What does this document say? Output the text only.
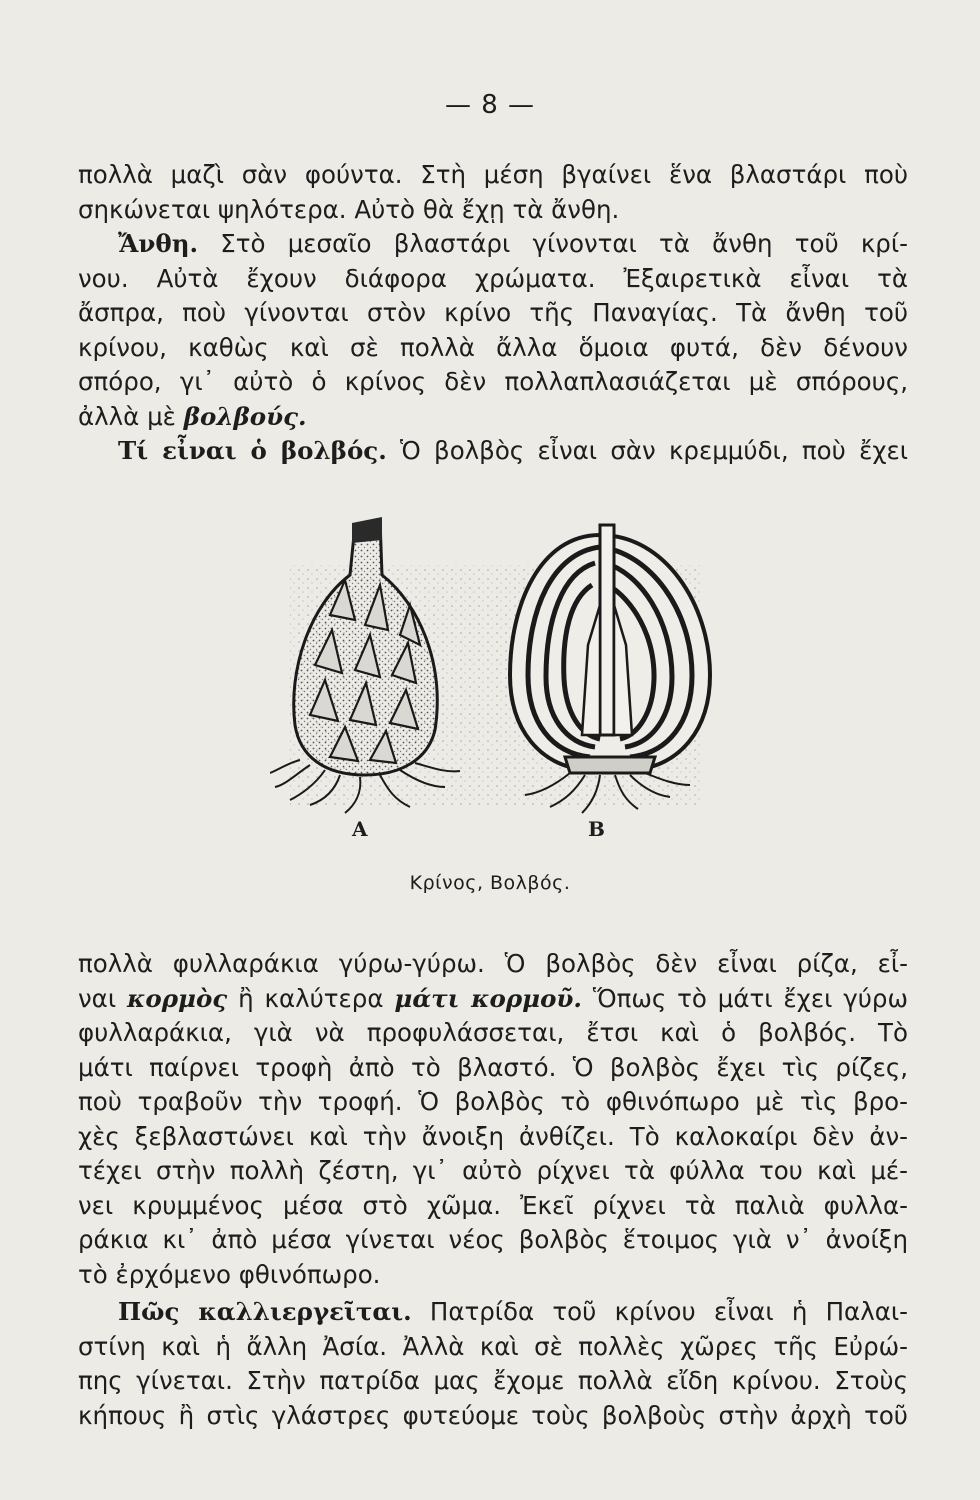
— 8 —
πολλὰ μαζὶ σὰν φούντα. Στὴ μέση βγαίνει ἕνα βλαστάρι ποὺ
σηκώνεται ψηλότερα. Αὐτὸ θὰ ἔχῃ τὰ ἄνθη.
Ἄνθη. Στὸ μεσαῖο βλαστάρι γίνονται τὰ ἄνθη τοῦ κρί-
νου. Αὐτὰ ἔχουν διάφορα χρώματα. Ἐξαιρετικὰ εἶναι τὰ
ἄσπρα, ποὺ γίνονται στὸν κρίνο τῆς Παναγίας. Τὰ ἄνθη τοῦ
κρίνου, καθὼς καὶ σὲ πολλὰ ἄλλα ὅμοια φυτά, δὲν δένουν
σπόρο, γι᾿ αὐτὸ ὁ κρίνος δὲν πολλαπλασιάζεται μὲ σπόρους,
ἀλλὰ μὲ βολβούς.
Τί εἶναι ὁ βολβός. Ὁ βολβὸς εἶναι σὰν κρεμμύδι, ποὺ ἔχει
A	B
Κρίνος, Βολβός.
πολλὰ φυλλαράκια γύρω-γύρω. Ὁ βολβὸς δὲν εἶναι ρίζα, εἶ-
ναι κορμὸς ἢ καλύτερα μάτι κορμοῦ. Ὅπως τὸ μάτι ἔχει γύρω
φυλλαράκια, γιὰ νὰ προφυλάσσεται, ἔτσι καὶ ὁ βολβός. Τὸ
μάτι παίρνει τροφὴ ἀπὸ τὸ βλαστό. Ὁ βολβὸς ἔχει τὶς ρίζες,
ποὺ τραβοῦν τὴν τροφή. Ὁ βολβὸς τὸ φθινόπωρο μὲ τὶς βρο-
χὲς ξεβλαστώνει καὶ τὴν ἄνοιξη ἀνθίζει. Τὸ καλοκαίρι δὲν ἀν-
τέχει στὴν πολλὴ ζέστη, γι᾿ αὐτὸ ρίχνει τὰ φύλλα του καὶ μέ-
νει κρυμμένος μέσα στὸ χῶμα. Ἐκεῖ ρίχνει τὰ παλιὰ φυλλα-
ράκια κι᾿ ἀπὸ μέσα γίνεται νέος βολβὸς ἕτοιμος γιὰ ν᾿ ἀνοίξη
τὸ ἐρχόμενο φθινόπωρο.
Πῶς καλλιεργεῖται. Πατρίδα τοῦ κρίνου εἶναι ἡ Παλαι-
στίνη καὶ ἡ ἄλλη Ἀσία. Ἀλλὰ καὶ σὲ πολλὲς χῶρες τῆς Εὐρώ-
πης γίνεται. Στὴν πατρίδα μας ἔχομε πολλὰ εἴδη κρίνου. Στοὺς
κήπους ἢ στὶς γλάστρες φυτεύομε τοὺς βολβοὺς στὴν ἀρχὴ τοῦ
